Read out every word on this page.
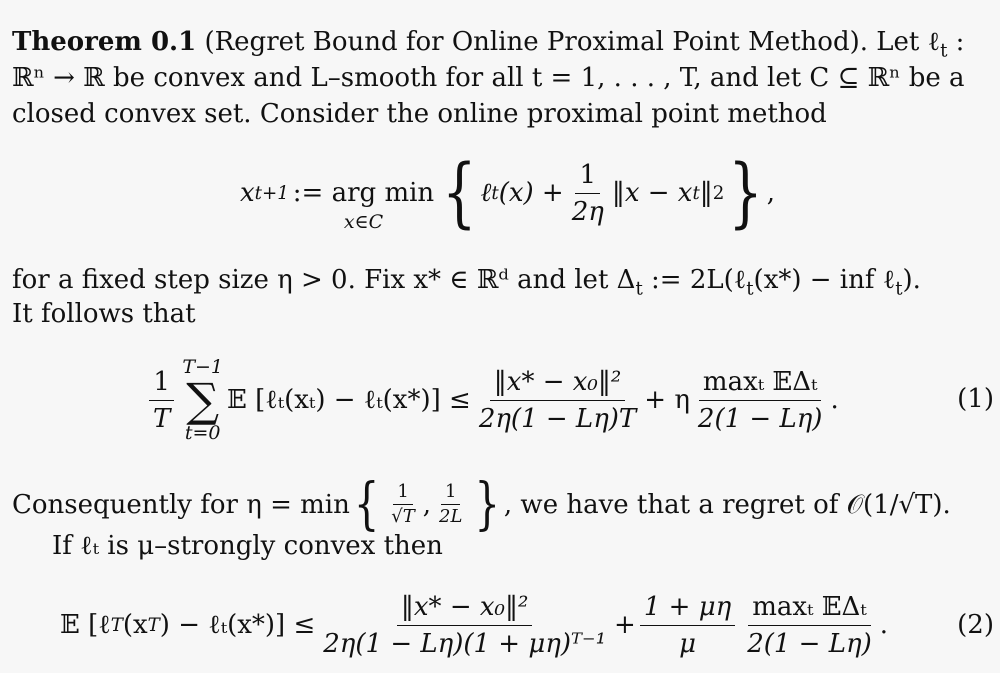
Theorem 0.1 (Regret Bound for Online Proximal Point Method). Let ℓ$_t$ :
ℝⁿ → ℝ be convex and L–smooth for all t = 1, . . . , T, and let C ⊆ ℝⁿ be a
closed convex set. Consider the online proximal point method
x t+1 := arg min
x∈C { ℓ t $(x) + \frac{1}{2\eta}$ ‖x − x t ‖ 2 } ,
for a fixed step size η > 0. Fix x* ∈ ℝᵈ and let $\Delta_t$ := 2L(ℓ$_t$(x*) − inf ℓ$_t$).
It follows that
$\frac{1}{T} T-1$
∑
t=0
𝔼 [ℓₜ(xₜ) − ℓₜ(x*)] ≤ $\frac{\text{‖x* − x₀‖²}}{2\eta(1 - L\eta)T} + \eta \frac{\text{maxₜ 𝔼Δₜ}}{2(1 - L\eta)}$ .	(1)
Consequently for η = min { $\frac{1}{√T}$ , $\frac{1}{2L}$ } , we have that a regret of 𝒪(1/√T).
If ℓₜ is μ–strongly convex then
𝔼 [ℓ T (x T ) − ℓₜ(x*)] ≤ $\frac{\text{‖x* − x₀‖²}}{\text{2η(1 − Lη)(1 + μη)ᵀ⁻¹}} + \frac{1 + \mu\eta}{\mu} \frac{\text{maxₜ 𝔼Δₜ}}{2(1 - L\eta)}$ .	(2)
